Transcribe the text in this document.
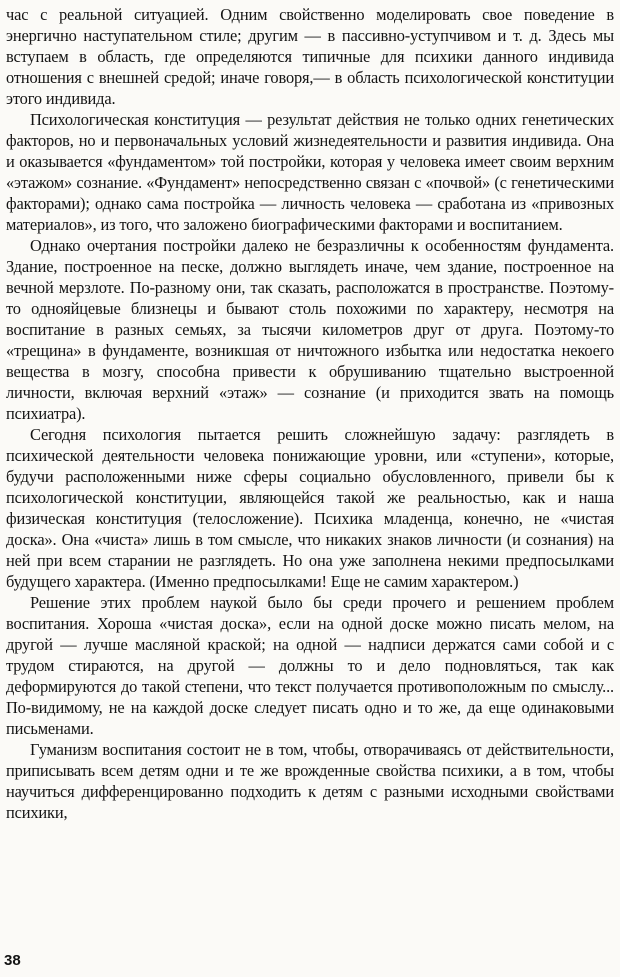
час с реальной ситуацией. Одним свойственно моделировать свое поведение в энергично наступательном стиле; другим — в пассивно-уступчивом и т. д. Здесь мы вступаем в область, где определяются типичные для психики данного индивида отношения с внешней средой; иначе говоря,— в область психологической конституции этого индивида.

Психологическая конституция — результат действия не только одних генетических факторов, но и первоначальных условий жизнедеятельности и развития индивида. Она и оказывается «фундаментом» той постройки, которая у человека имеет своим верхним «этажом» сознание. «Фундамент» непосредственно связан с «почвой» (с генетическими факторами); однако сама постройка — личность человека — сработана из «привозных материалов», из того, что заложено биографическими факторами и воспитанием.

Однако очертания постройки далеко не безразличны к особенностям фундамента. Здание, построенное на песке, должно выглядеть иначе, чем здание, построенное на вечной мерзлоте. По-разному они, так сказать, расположатся в пространстве. Поэтому-то однояйцевые близнецы и бывают столь похожими по характеру, несмотря на воспитание в разных семьях, за тысячи километров друг от друга. Поэтому-то «трещина» в фундаменте, возникшая от ничтожного избытка или недостатка некоего вещества в мозгу, способна привести к обрушиванию тщательно выстроенной личности, включая верхний «этаж» — сознание (и приходится звать на помощь психиатра).

Сегодня психология пытается решить сложнейшую задачу: разглядеть в психической деятельности человека понижающие уровни, или «ступени», которые, будучи расположенными ниже сферы социально обусловленного, привели бы к психологической конституции, являющейся такой же реальностью, как и наша физическая конституция (телосложение). Психика младенца, конечно, не «чистая доска». Она «чиста» лишь в том смысле, что никаких знаков личности (и сознания) на ней при всем старании не разглядеть. Но она уже заполнена некими предпосылками будущего характера. (Именно предпосылками! Еще не самим характером.)

Решение этих проблем наукой было бы среди прочего и решением проблем воспитания. Хороша «чистая доска», если на одной доске можно писать мелом, на другой — лучше масляной краской; на одной — надписи держатся сами собой и с трудом стираются, на другой — должны то и дело подновляться, так как деформируются до такой степени, что текст получается противоположным по смыслу... По-видимому, не на каждой доске следует писать одно и то же, да еще одинаковыми письменами.

Гуманизм воспитания состоит не в том, чтобы, отворачиваясь от действительности, приписывать всем детям одни и те же врожденные свойства психики, а в том, чтобы научиться дифференцированно подходить к детям с разными исходными свойствами психики,

38
